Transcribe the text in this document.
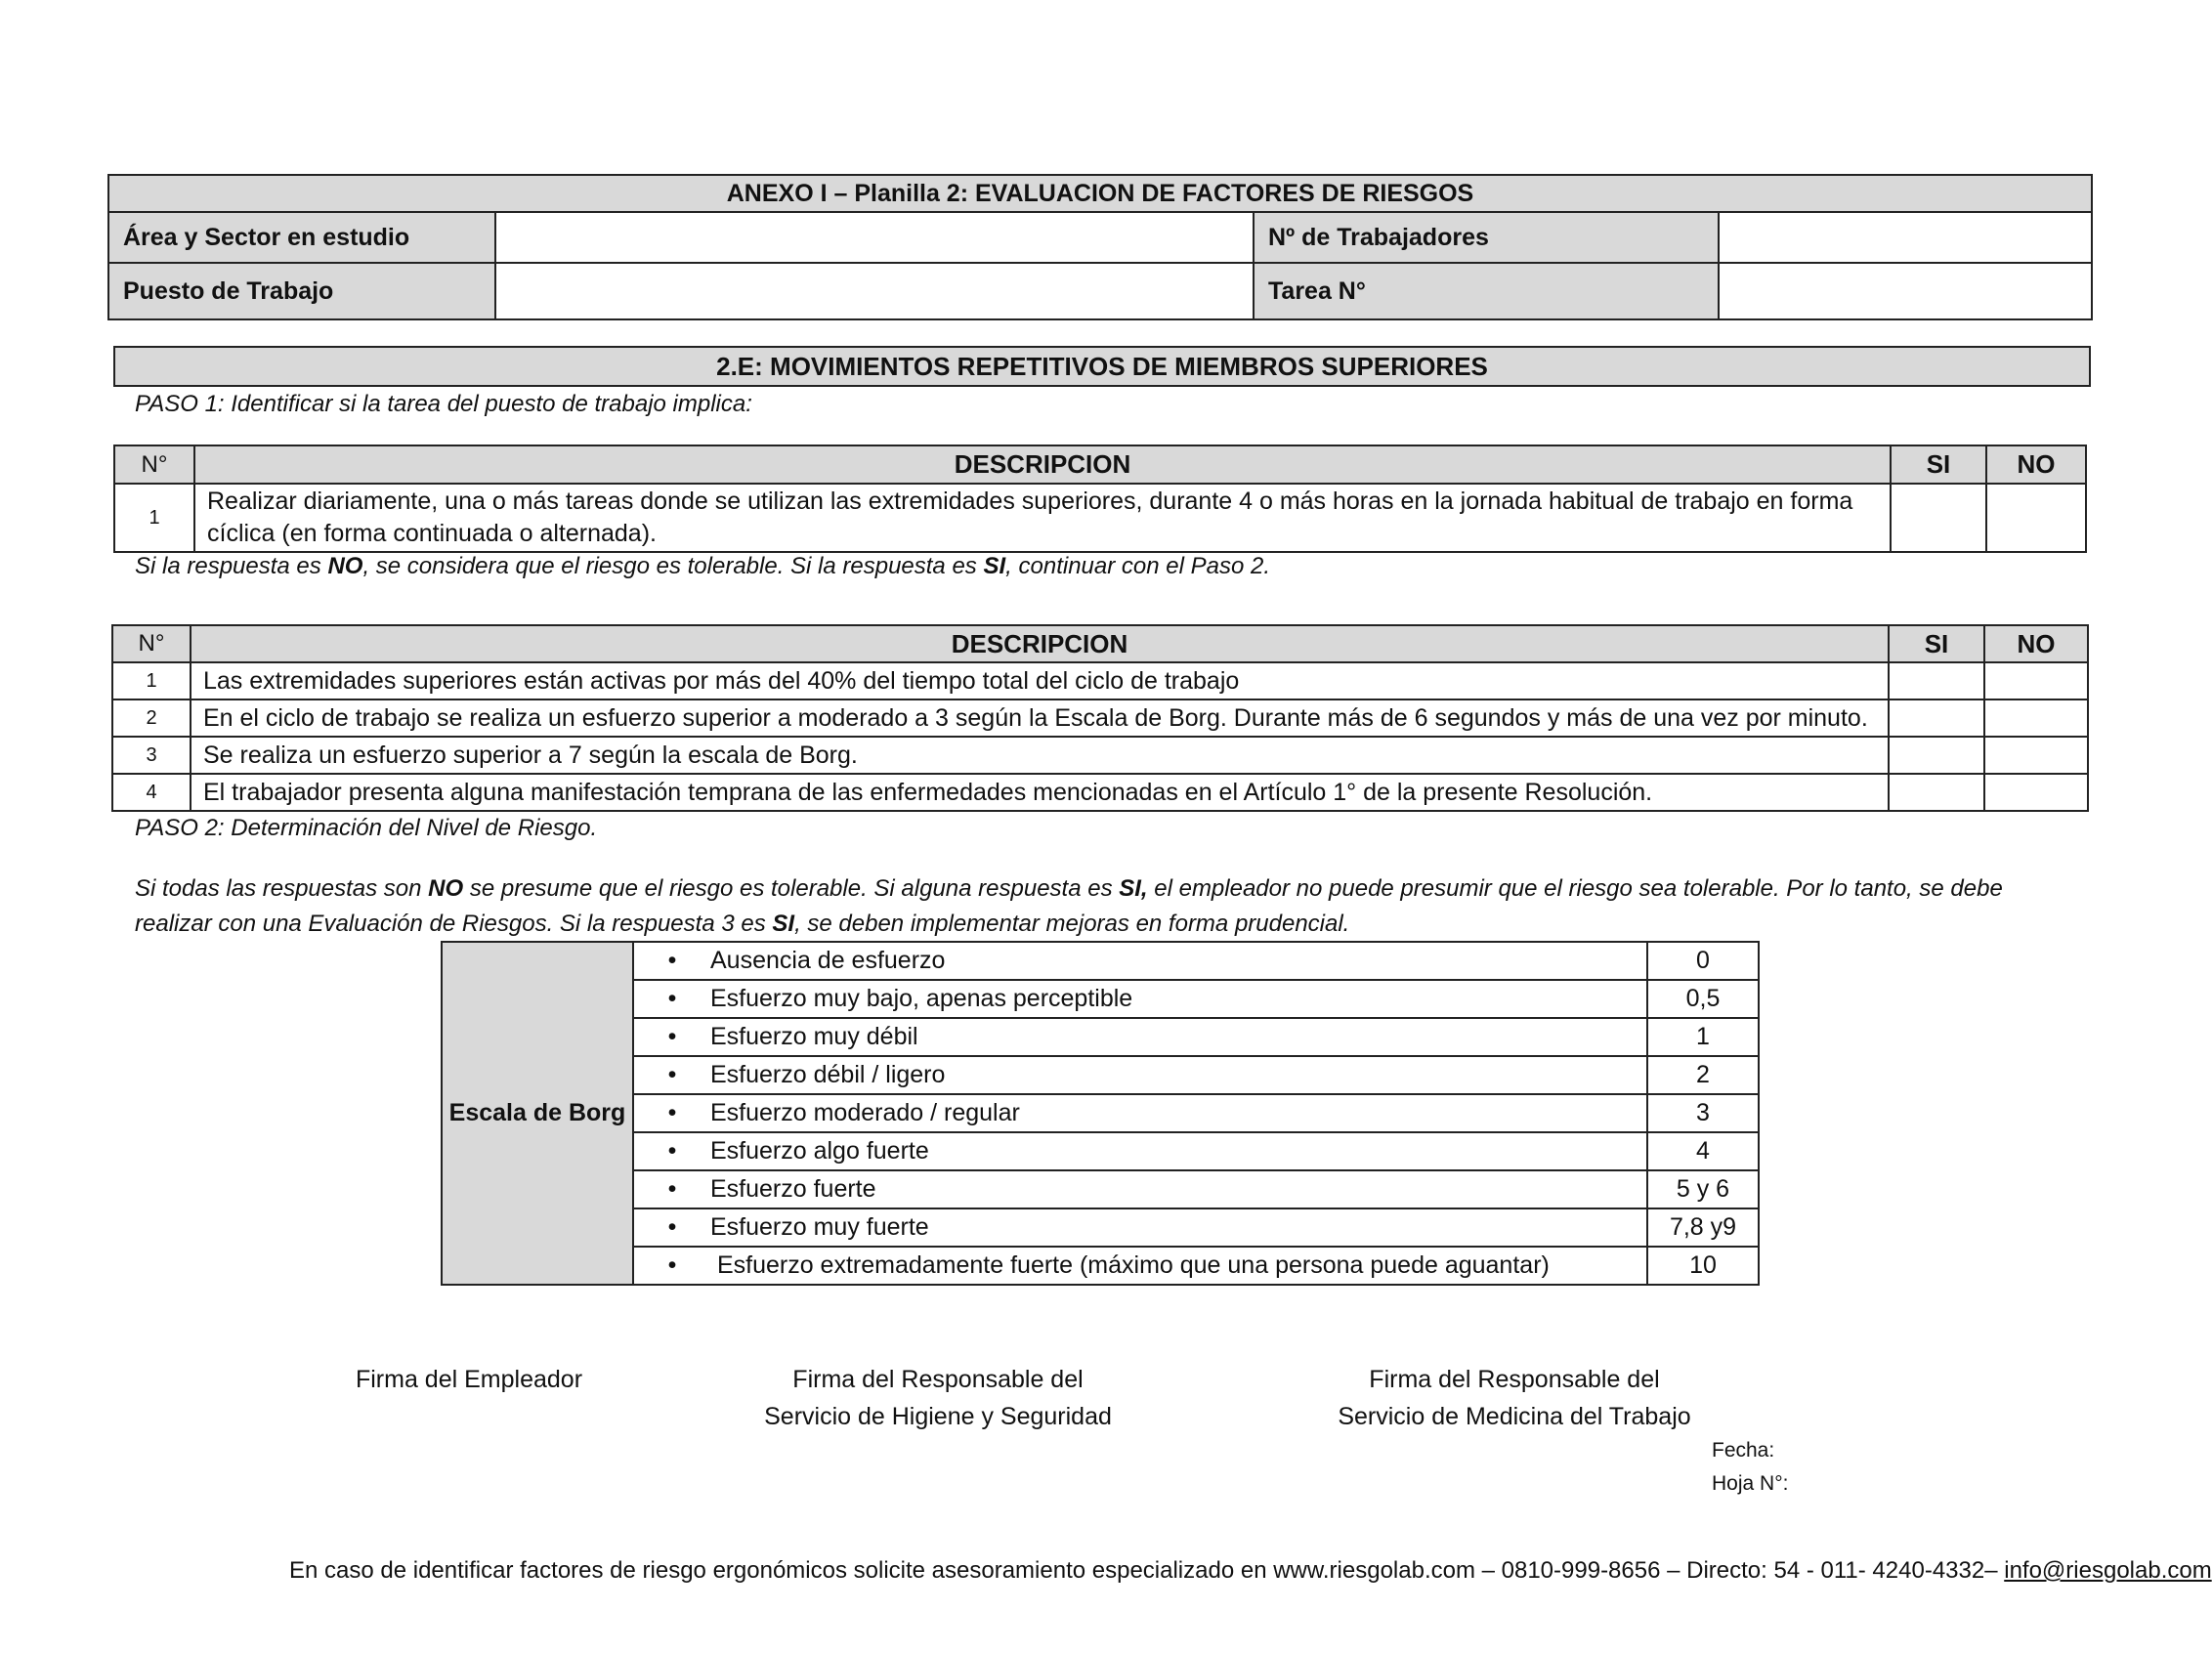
ANEXO I – Planilla 2: EVALUACION DE FACTORES DE RIESGOS			
Área y Sector en estudio		Nº de Trabajadores	
Puesto de Trabajo		Tarea N°	
2.E: MOVIMIENTOS REPETITIVOS DE MIEMBROS SUPERIORES
PASO 1: Identificar si la tarea del puesto de trabajo implica:
N°	DESCRIPCION	SI	NO
1	Realizar diariamente, una o más tareas donde se utilizan las extremidades superiores, durante 4 o más horas en la jornada habitual de trabajo en forma cíclica (en forma continuada o alternada).		
Si la respuesta es NO, se considera que el riesgo es tolerable. Si la respuesta es SI, continuar con el Paso 2.
N°	DESCRIPCION	SI	NO
1	Las extremidades superiores están activas por más del 40% del tiempo total del ciclo de trabajo		
2	En el ciclo de trabajo se realiza un esfuerzo superior a moderado a 3 según la Escala de Borg. Durante más de 6 segundos y más de una vez por minuto.		
3	Se realiza un esfuerzo superior a 7 según la escala de Borg.		
4	El trabajador presenta alguna manifestación temprana de las enfermedades mencionadas en el Artículo 1° de la presente Resolución.		
PASO 2: Determinación del Nivel de Riesgo.
Si todas las respuestas son NO se presume que el riesgo es tolerable. Si alguna respuesta es SI, el empleador no puede presumir que el riesgo sea tolerable. Por lo tanto, se debe
realizar con una Evaluación de Riesgos. Si la respuesta 3 es SI, se deben implementar mejoras en forma prudencial.
Escala de Borg	•	Ausencia de esfuerzo	0
	•	Esfuerzo muy bajo, apenas perceptible	0,5
	•	Esfuerzo muy débil	1
	•	Esfuerzo débil / ligero	2
	•	Esfuerzo moderado / regular	3
	•	Esfuerzo algo fuerte	4
	•	Esfuerzo fuerte	5 y 6
	•	Esfuerzo muy fuerte	7,8 y9
	•	Esfuerzo extremadamente fuerte (máximo que una persona puede aguantar)	10
Firma del Empleador	Firma del Responsable del
Servicio de Higiene y Seguridad
Firma del Responsable del
Servicio de Medicina del Trabajo
Fecha:
Hoja N°:
En caso de identificar factores de riesgo ergonómicos solicite asesoramiento especializado en www.riesgolab.com – 0810-999-8656 – Directo: 54 - 011- 4240-4332– info@riesgolab.com
